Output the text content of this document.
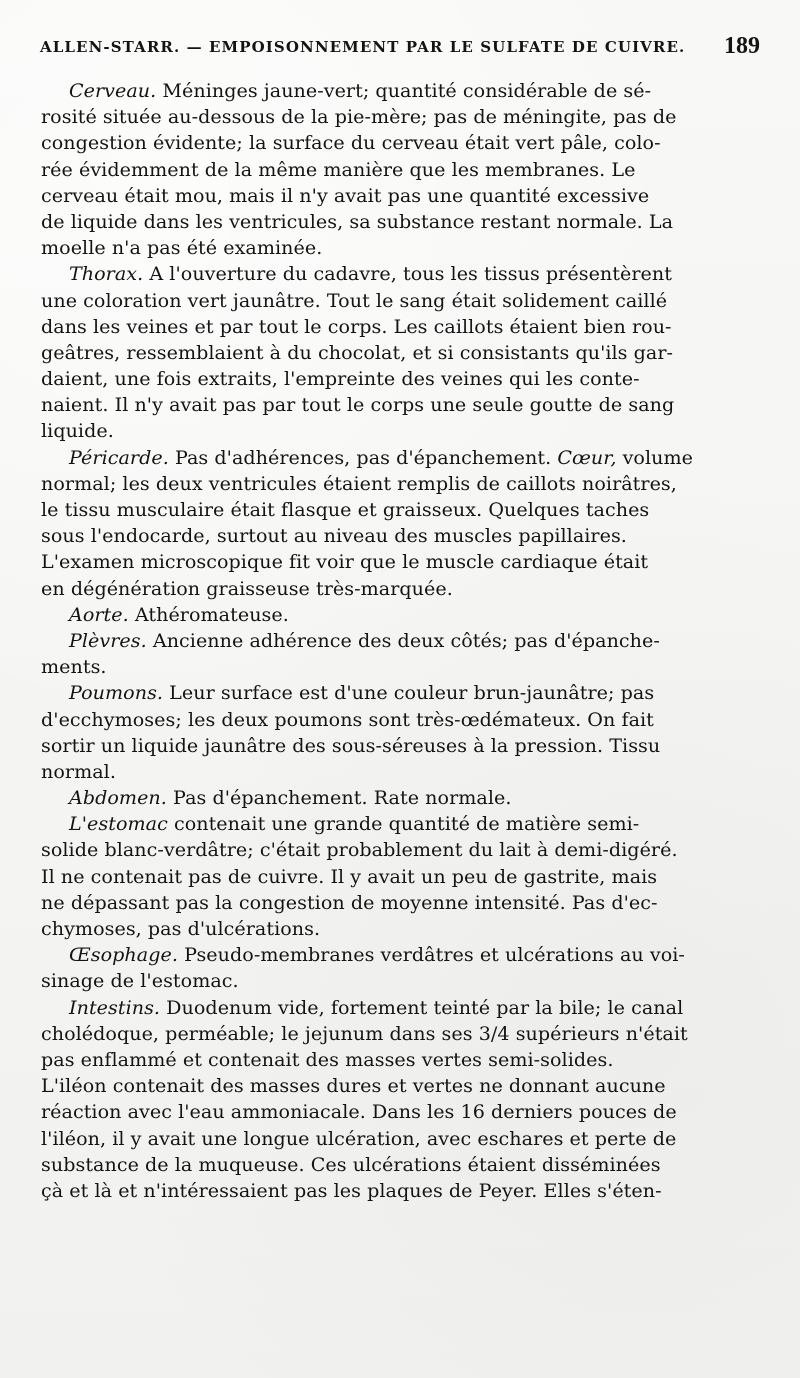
ALLEN-STARR. — EMPOISONNEMENT PAR LE SULFATE DE CUIVRE. 189
Cerveau. Méninges jaune-vert; quantité considérable de sé-
rosité située au-dessous de la pie-mère; pas de méningite, pas de
congestion évidente; la surface du cerveau était vert pâle, colo-
rée évidemment de la même manière que les membranes. Le
cerveau était mou, mais il n'y avait pas une quantité excessive
de liquide dans les ventricules, sa substance restant normale. La
moelle n'a pas été examinée.
Thorax. A l'ouverture du cadavre, tous les tissus présentèrent
une coloration vert jaunâtre. Tout le sang était solidement caillé
dans les veines et par tout le corps. Les caillots étaient bien rou-
geâtres, ressemblaient à du chocolat, et si consistants qu'ils gar-
daient, une fois extraits, l'empreinte des veines qui les conte-
naient. Il n'y avait pas par tout le corps une seule goutte de sang
liquide.
Péricarde. Pas d'adhérences, pas d'épanchement. Cœur, volume
normal; les deux ventricules étaient remplis de caillots noirâtres,
le tissu musculaire était flasque et graisseux. Quelques taches
sous l'endocarde, surtout au niveau des muscles papillaires.
L'examen microscopique fit voir que le muscle cardiaque était
en dégénération graisseuse très-marquée.
Aorte. Athéromateuse.
Plèvres. Ancienne adhérence des deux côtés; pas d'épanche-
ments.
Poumons. Leur surface est d'une couleur brun-jaunâtre; pas
d'ecchymoses; les deux poumons sont très-œdémateux. On fait
sortir un liquide jaunâtre des sous-séreuses à la pression. Tissu
normal.
Abdomen. Pas d'épanchement. Rate normale.
L'estomac contenait une grande quantité de matière semi-
solide blanc-verdâtre; c'était probablement du lait à demi-digéré.
Il ne contenait pas de cuivre. Il y avait un peu de gastrite, mais
ne dépassant pas la congestion de moyenne intensité. Pas d'ec-
chymoses, pas d'ulcérations.
Œsophage. Pseudo-membranes verdâtres et ulcérations au voi-
sinage de l'estomac.
Intestins. Duodenum vide, fortement teinté par la bile; le canal
cholédoque, perméable; le jejunum dans ses 3/4 supérieurs n'était
pas enflammé et contenait des masses vertes semi-solides.
L'iléon contenait des masses dures et vertes ne donnant aucune
réaction avec l'eau ammoniacale. Dans les 16 derniers pouces de
l'iléon, il y avait une longue ulcération, avec eschares et perte de
substance de la muqueuse. Ces ulcérations étaient disséminées
çà et là et n'intéressaient pas les plaques de Peyer. Elles s'éten-
